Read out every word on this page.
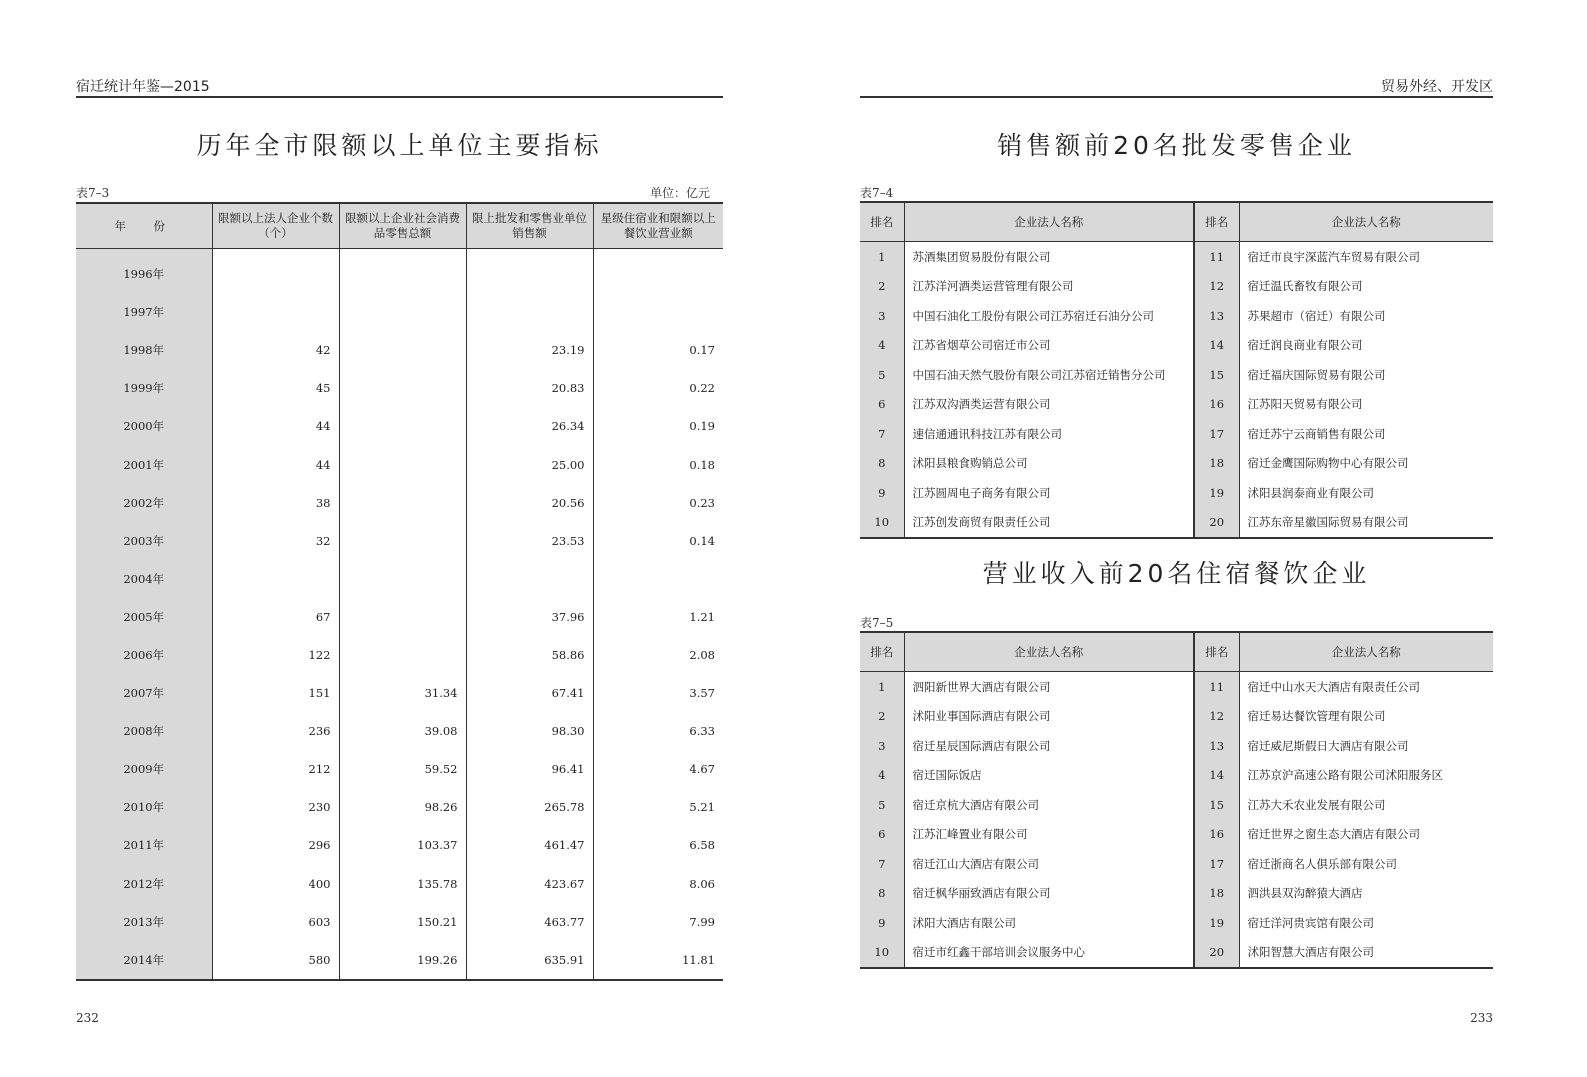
宿迁统计年鉴—2015
历年全市限额以上单位主要指标
表7–3	单位：亿元
年　份	限额以上法人企业个数（个）	限额以上企业社会消费品零售总额	限上批发和零售业单位销售额	星级住宿业和限额以上餐饮业营业额
1996年				
1997年				
1998年	42		23.19	0.17
1999年	45		20.83	0.22
2000年	44		26.34	0.19
2001年	44		25.00	0.18
2002年	38		20.56	0.23
2003年	32		23.53	0.14
2004年				
2005年	67		37.96	1.21
2006年	122		58.86	2.08
2007年	151	31.34	67.41	3.57
2008年	236	39.08	98.30	6.33
2009年	212	59.52	96.41	4.67
2010年	230	98.26	265.78	5.21
2011年	296	103.37	461.47	6.58
2012年	400	135.78	423.67	8.06
2013年	603	150.21	463.77	7.99
2014年	580	199.26	635.91	11.81
232
贸易外经、开发区
销售额前20名批发零售企业
表7–4
排名	企业法人名称	排名	企业法人名称
1	苏酒集团贸易股份有限公司	11	宿迁市良宇深蓝汽车贸易有限公司
2	江苏洋河酒类运营管理有限公司	12	宿迁温氏畜牧有限公司
3	中国石油化工股份有限公司江苏宿迁石油分公司	13	苏果超市（宿迁）有限公司
4	江苏省烟草公司宿迁市公司	14	宿迁润良商业有限公司
5	中国石油天然气股份有限公司江苏宿迁销售分公司	15	宿迁福庆国际贸易有限公司
6	江苏双沟酒类运营有限公司	16	江苏阳天贸易有限公司
7	速信通通讯科技江苏有限公司	17	宿迁苏宁云商销售有限公司
8	沭阳县粮食购销总公司	18	宿迁金鹰国际购物中心有限公司
9	江苏圆周电子商务有限公司	19	沭阳县润泰商业有限公司
10	江苏创发商贸有限责任公司	20	江苏东帝星徽国际贸易有限公司
营业收入前20名住宿餐饮企业
表7–5
排名	企业法人名称	排名	企业法人名称
1	泗阳新世界大酒店有限公司	11	宿迁中山水天大酒店有限责任公司
2	沭阳业事国际酒店有限公司	12	宿迁易达餐饮管理有限公司
3	宿迁星辰国际酒店有限公司	13	宿迁威尼斯假日大酒店有限公司
4	宿迁国际饭店	14	江苏京沪高速公路有限公司沭阳服务区
5	宿迁京杭大酒店有限公司	15	江苏大禾农业发展有限公司
6	江苏汇峰置业有限公司	16	宿迁世界之窗生态大酒店有限公司
7	宿迁江山大酒店有限公司	17	宿迁浙商名人俱乐部有限公司
8	宿迁枫华丽致酒店有限公司	18	泗洪县双沟醉猿大酒店
9	沭阳大酒店有限公司	19	宿迁洋河贵宾馆有限公司
10	宿迁市红鑫干部培训会议服务中心	20	沭阳智慧大酒店有限公司
233
